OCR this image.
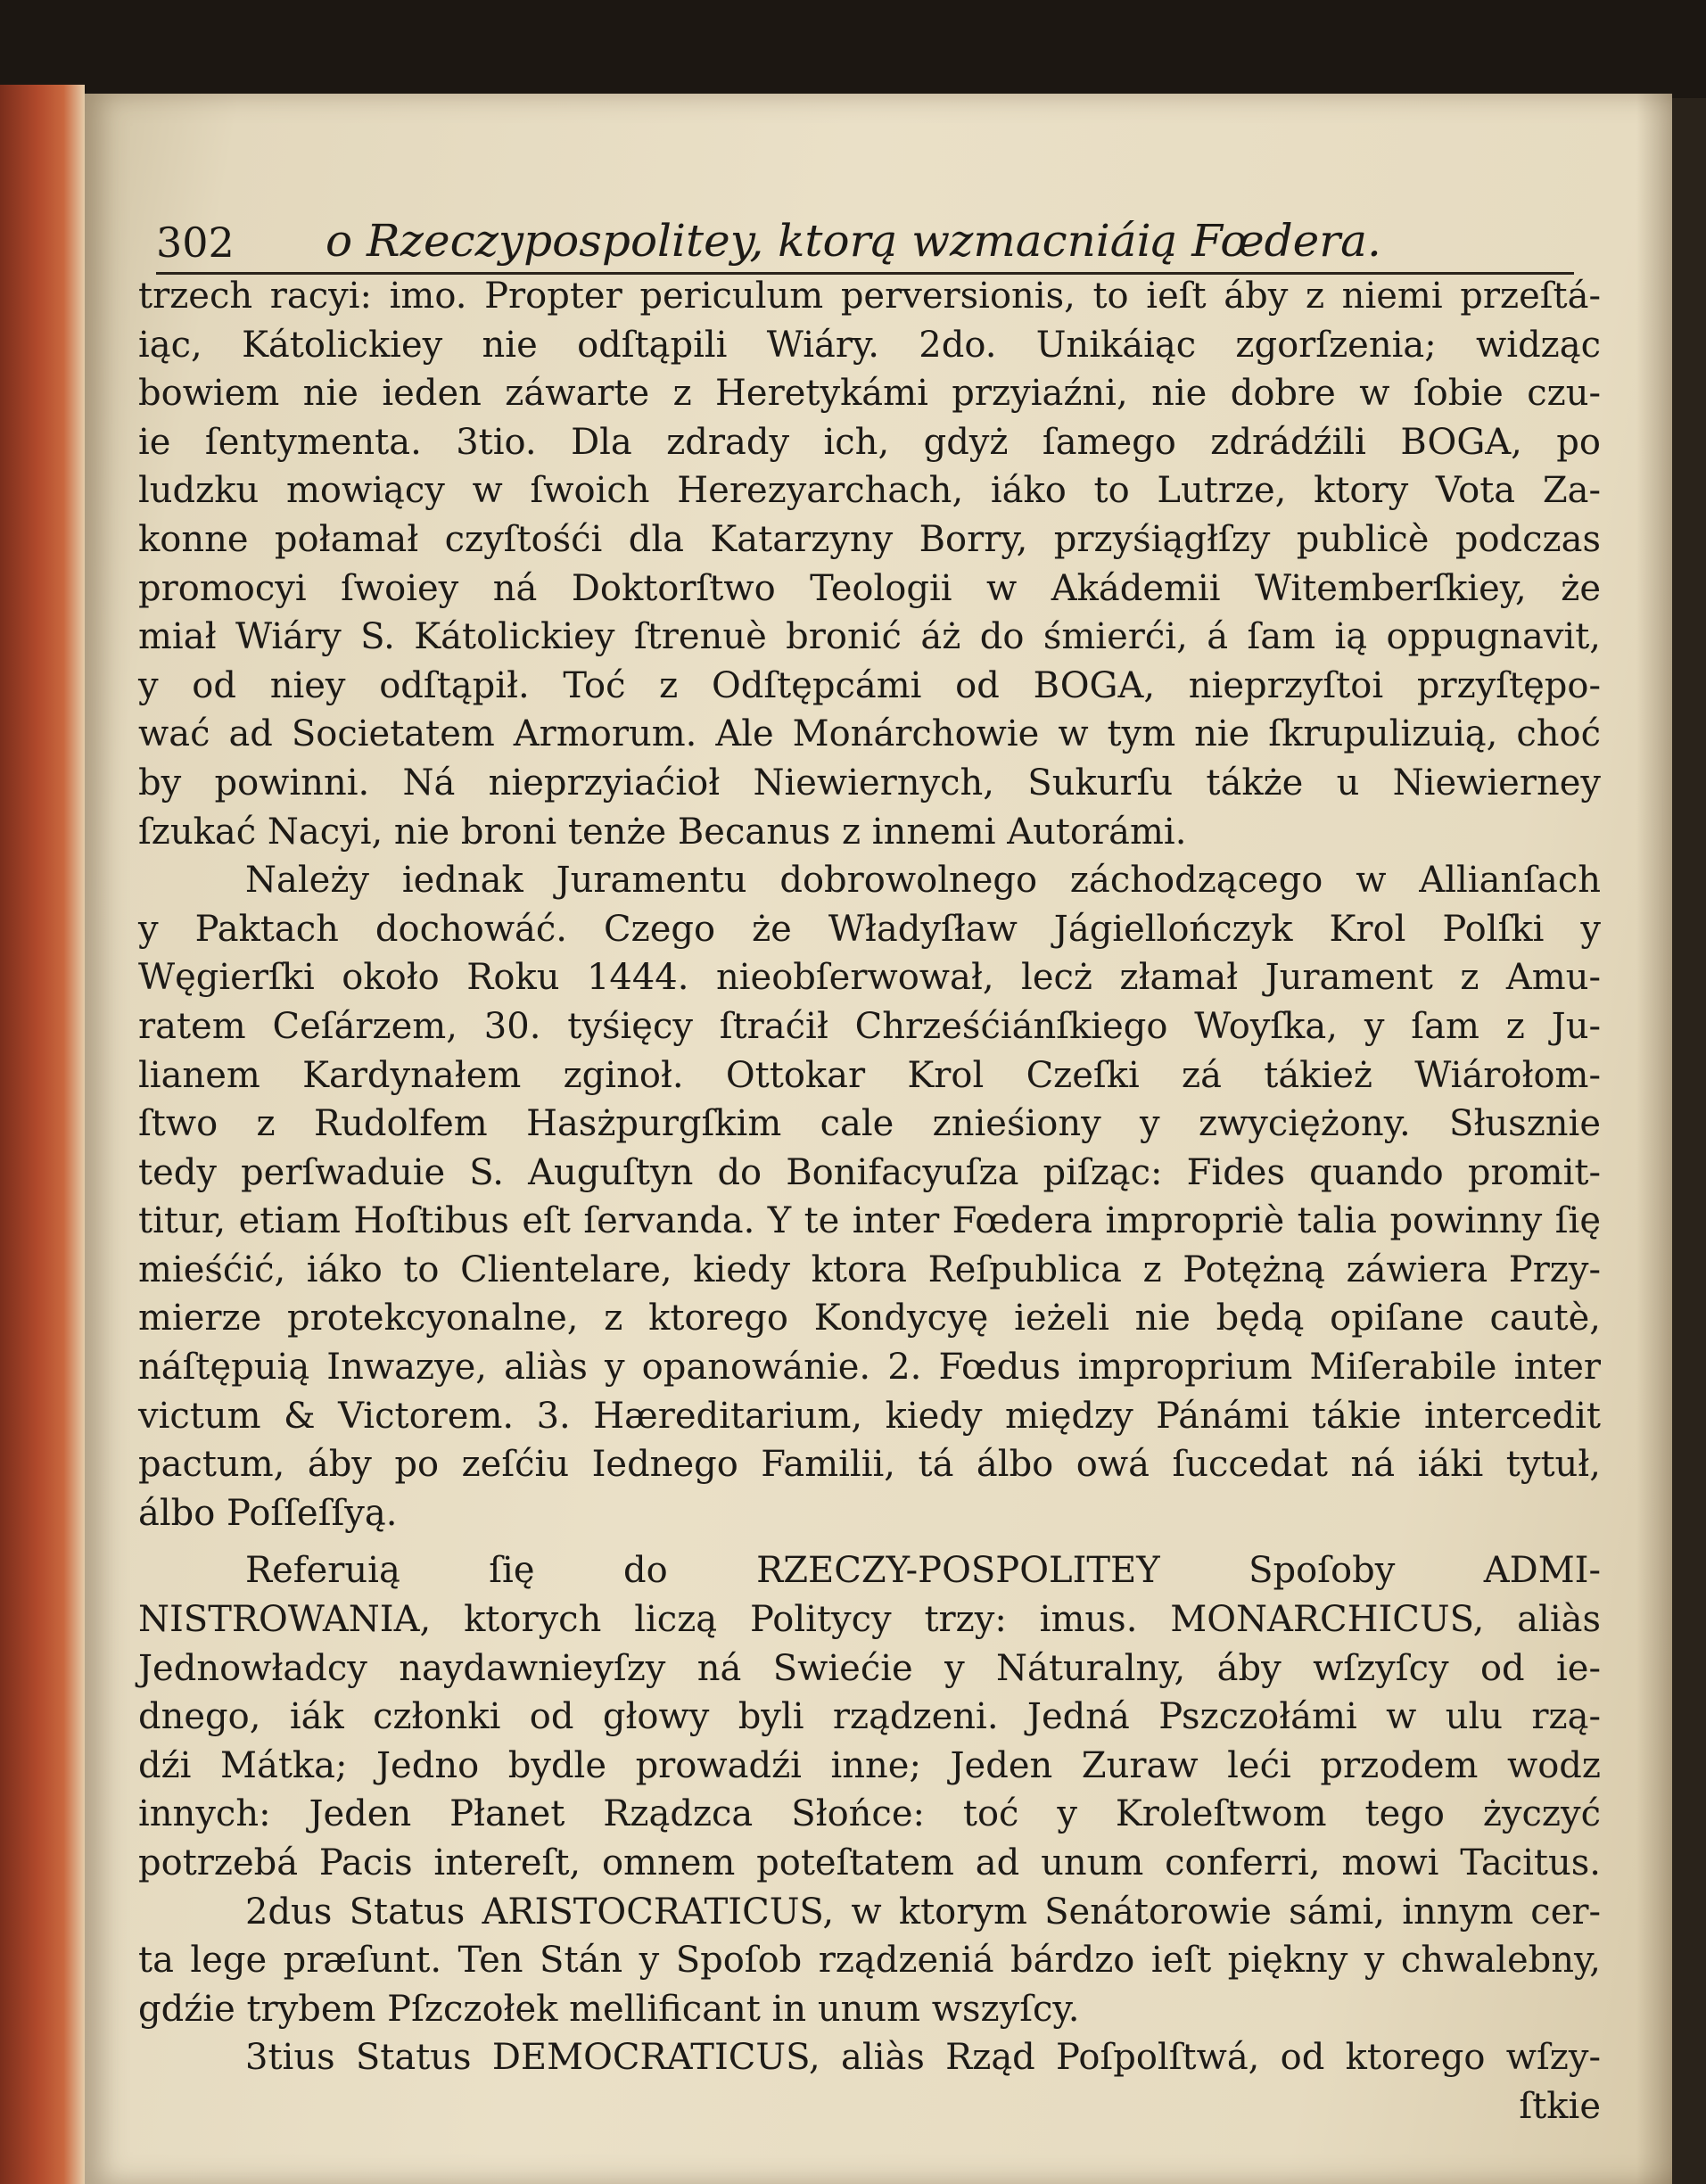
302 o Rzeczypospolitey, ktorą wzmacniáią Fœdera.

trzech racyi: imo. Propter periculum perversionis, to ieſt áby z niemi przeſtá-

iąc, Kátolickiey nie odſtąpili Wiáry. 2do. Unikáiąc zgorſzenia; widząc

bowiem nie ieden záwarte z Heretykámi przyiaźni, nie dobre w ſobie czu-

ie ſentymenta. 3tio. Dla zdrady ich, gdyż ſamego zdrádźili BOGA, po

ludzku mowiący w ſwoich Herezyarchach, iáko to Lutrze, ktory Vota Za-

konne połamał czyſtośći dla Katarzyny Borry, przyśiągłſzy publicè podczas

promocyi ſwoiey ná Doktorſtwo Teologii w Akádemii Witemberſkiey, że

miał Wiáry S. Kátolickiey ſtrenuè bronić áż do śmierći, á ſam ią oppugnavit,

y od niey odſtąpił. Toć z Odſtępcámi od BOGA, nieprzyſtoi przyſtępo-

wać ad Societatem Armorum. Ale Monárchowie w tym nie ſkrupulizuią, choć

by powinni. Ná nieprzyiaćioł Niewiernych, Sukurſu tákże u Niewierney

ſzukać Nacyi, nie broni tenże Becanus z innemi Autorámi.

Należy iednak Juramentu dobrowolnego záchodzącego w Allianſach

y Paktach dochowáć. Czego że Władyſław Jágiellończyk Krol Polſki y

Węgierſki około Roku 1444. nieobſerwował, lecż złamał Jurament z Amu-

ratem Ceſárzem, 30. tyśięcy ſtraćił Chrześćiánſkiego Woyſka, y ſam z Ju-

lianem Kardynałem zginoł. Ottokar Krol Czeſki zá tákież Wiárołom-

ſtwo z Rudolfem Hasżpurgſkim cale znieśiony y zwyciężony. Słusznie

tedy perſwaduie S. Auguſtyn do Bonifacyuſza piſząc: Fides quando promit-

titur, etiam Hoſtibus eſt ſervanda. Y te inter Fœdera impropriè talia powinny ſię

mieśćić, iáko to Clientelare, kiedy ktora Reſpublica z Potężną záwiera Przy-

mierze protekcyonalne, z ktorego Kondycyę ieżeli nie będą opiſane cautè,

náſtępuią Inwazye, aliàs y opanowánie. 2. Fœdus improprium Miſerabile inter

victum & Victorem. 3. Hæreditarium, kiedy między Pánámi tákie intercedit

pactum, áby po zeſćiu Iednego Familii, tá álbo owá ſuccedat ná iáki tytuł,

álbo Poſſeſſyą.

Referuią ſię do RZECZY-POSPOLITEY Spoſoby ADMI-

NISTROWANIA, ktorych liczą Politycy trzy: imus. MONARCHICUS, aliàs

Jednowładcy naydawnieyſzy ná Swiećie y Náturalny, áby wſzyſcy od ie-

dnego, iák członki od głowy byli rządzeni. Jedná Pszczołámi w ulu rzą-

dźi Mátka; Jedno bydle prowadźi inne; Jeden Zuraw leći przodem wodz

innych: Jeden Płanet Rządzca Słońce: toć y Kroleſtwom tego życzyć

potrzebá Pacis intereſt, omnem poteſtatem ad unum conferri, mowi Tacitus.

2dus Status ARISTOCRATICUS, w ktorym Senátorowie sámi, innym cer-

ta lege præſunt. Ten Stán y Spoſob rządzeniá bárdzo ieſt piękny y chwalebny,

gdźie trybem Pſzczołek mellificant in unum wszyſcy.

3tius Status DEMOCRATICUS, aliàs Rząd Poſpolſtwá, od ktorego wſzy-

ſtkie
